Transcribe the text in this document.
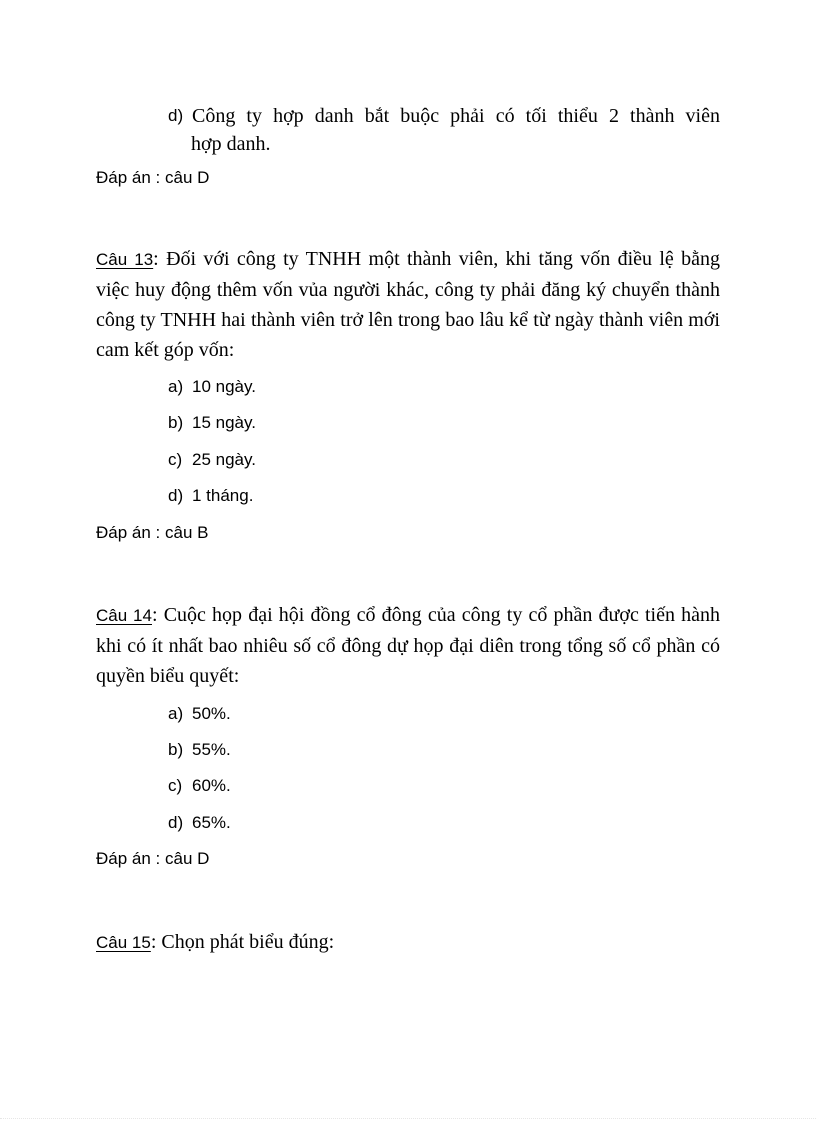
d) Công ty hợp danh bắt buộc phải có tối thiểu 2 thành viên
hợp danh.
Đáp án : câu D
Câu 13: Đối với công ty TNHH một thành viên, khi tăng vốn điều lệ bằng việc huy động thêm vốn vủa người khác, công ty phải đăng ký chuyển thành công ty TNHH hai thành viên trở lên trong bao lâu kể từ ngày thành viên mới cam kết góp vốn:
a) 10 ngày.
b) 15 ngày.
c) 25 ngày.
d) 1 tháng.
Đáp án : câu B
Câu 14: Cuộc họp đại hội đồng cổ đông của công ty cổ phần được tiến hành khi có ít nhất bao nhiêu số cổ đông dự họp đại diên trong tổng số cổ phần có quyền biểu quyết:
a) 50%.
b) 55%.
c) 60%.
d) 65%.
Đáp án : câu D
Câu 15: Chọn phát biểu đúng:
